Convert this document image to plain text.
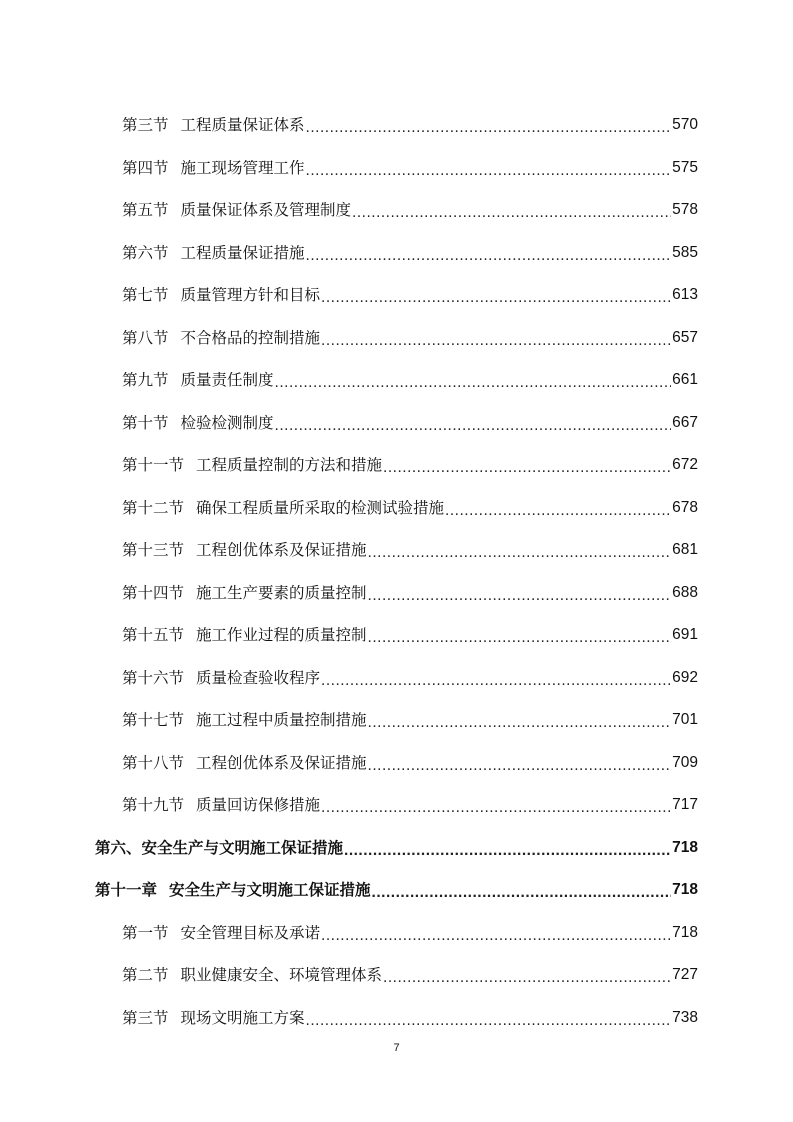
第三节 工程质量保证体系 .....	570
第四节 施工现场管理工作 .....	575
第五节 质量保证体系及管理制度 .....	578
第六节 工程质量保证措施 .....	585
第七节 质量管理方针和目标 .....	613
第八节 不合格品的控制措施 .....	657
第九节 质量责任制度 .....	661
第十节 检验检测制度 .....	667
第十一节 工程质量控制的方法和措施 .....	672
第十二节 确保工程质量所采取的检测试验措施 .....	678
第十三节 工程创优体系及保证措施 .....	681
第十四节 施工生产要素的质量控制 .....	688
第十五节 施工作业过程的质量控制 .....	691
第十六节 质量检查验收程序 .....	692
第十七节 施工过程中质量控制措施 .....	701
第十八节 工程创优体系及保证措施 .....	709
第十九节 质量回访保修措施 .....	717
第六、安全生产与文明施工保证措施 .....	718
第十一章 安全生产与文明施工保证措施 .....	718
第一节 安全管理目标及承诺 .....	718
第二节 职业健康安全、环境管理体系 .....	727
第三节 现场文明施工方案 .....	738
7
